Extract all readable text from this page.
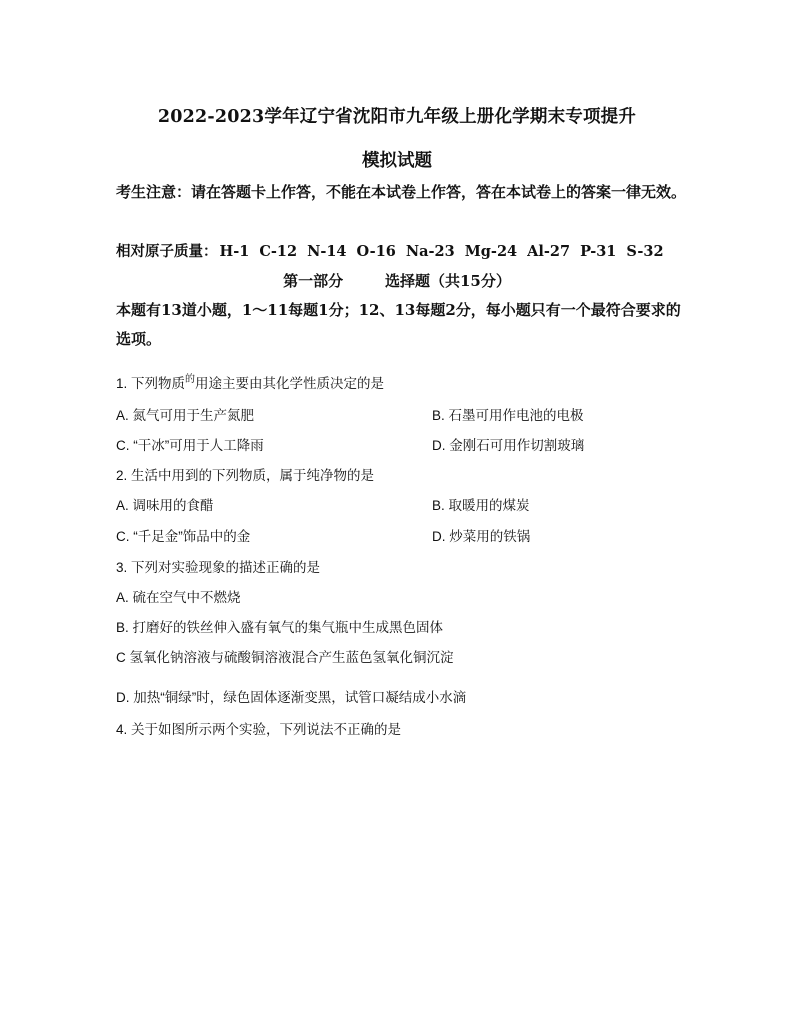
2022-2023学年辽宁省沈阳市九年级上册化学期末专项提升
模拟试题
考生注意：请在答题卡上作答，不能在本试卷上作答，答在本试卷上的答案一律无效。
相对原子质量： H-1 C-12 N-14 O-16 Na-23 Mg-24 Al-27 P-31 S-32
第一部分	选择题（共15分）
本题有13道小题，1～11每题1分；12、13每题2分，每小题只有一个最符合要求的选项。
1. 下列物质$^的$用途主要由其化学性质决定的是
A. 氮气可用于生产氮肥	B. 石墨可用作电池的电极
C. “干冰”可用于人工降雨	D. 金刚石可用作切割玻璃
2. 生活中用到的下列物质，属于纯净物的是
A. 调味用的食醋	B. 取暖用的煤炭
C. “千足金”饰品中的金	D. 炒菜用的铁锅
3. 下列对实验现象的描述正确的是
A. 硫在空气中不燃烧
B. 打磨好的铁丝伸入盛有氧气的集气瓶中生成黑色固体
C 氢氧化钠溶液与硫酸铜溶液混合产生蓝色氢氧化铜沉淀
D. 加热“铜绿”时，绿色固体逐渐变黑，试管口凝结成小水滴
4. 关于如图所示两个实验，下列说法不正确的是
